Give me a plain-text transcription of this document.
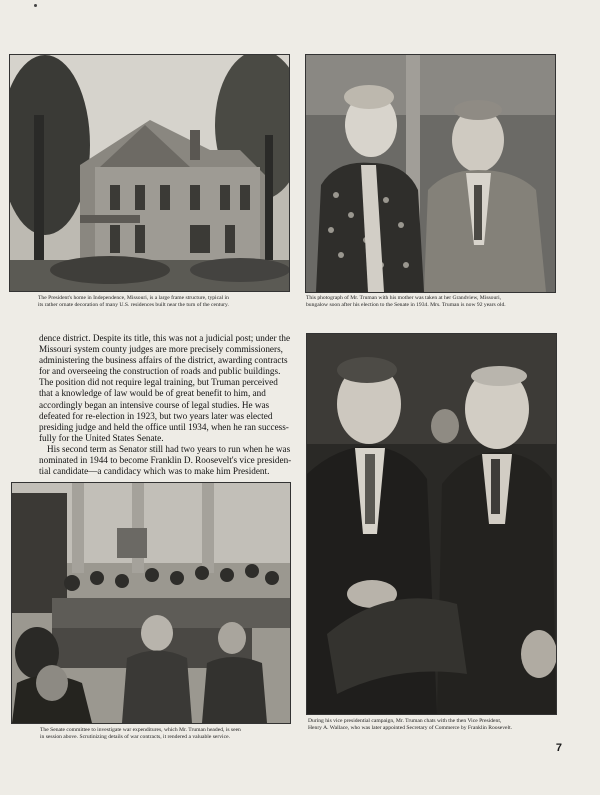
The President's home in Independence, Missouri, is a large frame structure, typical in
its rather ornate decoration of many U.S. residences built near the turn of the century.
This photograph of Mr. Truman with his mother was taken at her Grandview, Missouri,
bungalow soon after his election to the Senate in 1934. Mrs. Truman is now 92 years old.
dence district. Despite its title, this was not a judicial post; under the
Missouri system county judges are more precisely commissioners,
administering the business affairs of the district, awarding contracts
for and overseeing the construction of roads and public buildings.
The position did not require legal training, but Truman perceived
that a knowledge of law would be of great benefit to him, and
accordingly began an intensive course of legal studies. He was
defeated for re-election in 1923, but two years later was elected
presiding judge and held the office until 1934, when he ran success-
fully for the United States Senate.
His second term as Senator still had two years to run when he was
nominated in 1944 to become Franklin D. Roosevelt's vice presiden-
tial candidate—a candidacy which was to make him President.
The Senate committee to investigate war expenditures, which Mr. Truman headed, is seen
in session above. Scrutinizing details of war contracts, it rendered a valuable service.
During his vice presidential campaign, Mr. Truman chats with the then Vice President,
Henry A. Wallace, who was later appointed Secretary of Commerce by Franklin Roosevelt.
7
